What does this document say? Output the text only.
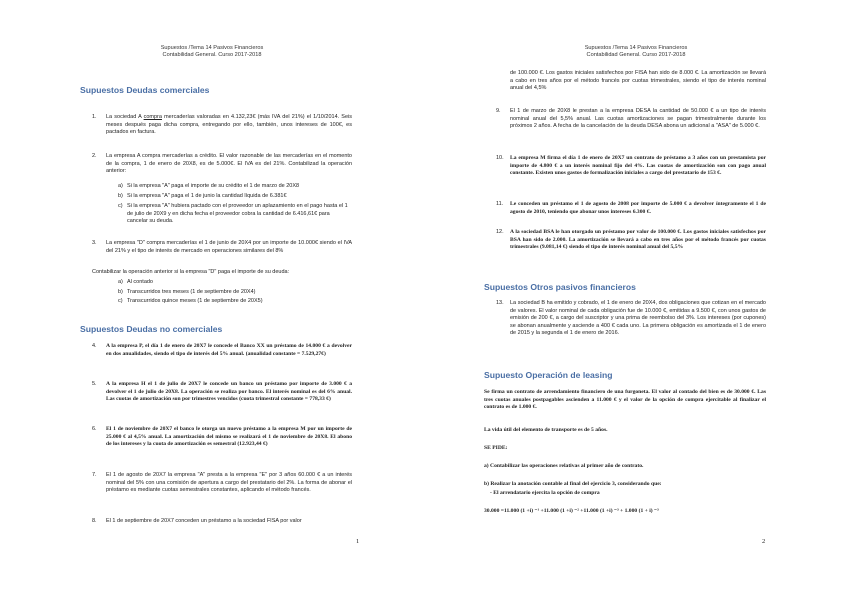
Supuestos /Tema 14 Pasivos Financieros
Contabilidad General. Curso 2017-2018
Supuestos Deudas comerciales
1. La sociedad A compra mercaderías valoradas en 4.132,23€ (más IVA del 21%) el 1/10/2014. Seis meses después paga dicha compra, entregando por ello, también, unos intereses de 100€, es pactados en factura.
2. La empresa A compra mercaderías a crédito. El valor razonable de las mercaderías en el momento de la compra, 1 de enero de 20X8, es de 5.000€. El IVA es del 21%. Contabilizad la operación anterior:
a) Si la empresa "A" paga el importe de su crédito el 1 de marzo de 20X8
b) Si la empresa "A" paga el 1 de junio la cantidad líquida de 6.381€
c) Si la empresa "A" hubiera pactado con el proveedor un aplazamiento en el pago hasta el 1 de julio de 20X9 y en dicha fecha el proveedor cobra la cantidad de 6.416,61€ para cancelar su deuda.
3. La empresa "D" compra mercaderías el 1 de junio de 20X4 por un importe de 10.000€ siendo el IVA del 21% y el tipo de interés de mercado en operaciones similares del 8%
Contabilizar la operación anterior si la empresa "D" paga el importe de su deuda:
a) Al contado
b) Transcurridos tres meses (1 de septiembre de 20X4)
c) Transcurridos quince meses (1 de septiembre de 20X5)
Supuestos Deudas no comerciales
4. A la empresa P, el día 1 de enero de 20X7 le concede el Banco XX un préstamo de 14.000 € a devolver en dos anualidades, siendo el tipo de interés del 5% anual. (anualidad constante = 7.529,27€)
5. A la empresa H el 1 de julio de 20X7 le concede un banco un préstamo por importe de 3.000 € a devolver el 1 de julio de 20X8. La operación se realiza por banco. El interés nominal es del 6% anual. Las cuotas de amortización son por trimestres vencidos (cuota trimestral constante = 778,33 €)
6. El 1 de noviembre de 20X7 el banco le otorga un nuevo préstamo a la empresa M por un importe de 25.000 € al 4,5% anual. La amortización del mismo se realizará el 1 de noviembre de 20X8. El abono de los intereses y la cuota de amortización es semestral (12.923,44 €)
7. El 1 de agosto de 20X7 la empresa "A" presta a la empresa "E" por 3 años 60.000 € a un interés nominal del 5% con una comisión de apertura a cargo del prestatario del 2%. La forma de abonar el préstamo es mediante cuotas semestrales constantes, aplicando el método francés.
8. El 1 de septiembre de 20X7 conceden un préstamo a la sociedad FISA por valor
1
Supuestos /Tema 14 Pasivos Financieros
Contabilidad General. Curso 2017-2018
de 100.000 €. Los gastos iniciales satisfechos por FISA han sido de 8.000 €. La amortización se llevará a cabo en tres años por el método francés por cuotas trimestrales, siendo el tipo de interés nominal anual del 4,5%
9. El 1 de marzo de 20X8 le prestan a la empresa DESA la cantidad de 50.000 € a un tipo de interés nominal anual del 5,5% anual. Las cuotas amortizaciones se pagan trimestralmente durante los próximos 2 años. A fecha de la cancelación de la deuda DESA abona un adicional a "ASA" de 5.000 €.
10. La empresa M firma el día 1 de enero de 20X7 un contrato de préstamo a 3 años con un prestamista por importe de 4.800 € a un interés nominal fijo del 4%. Las cuotas de amortización son con pago anual constante. Existen unos gastos de formalización iniciales a cargo del prestatario de 153 €.
11. Le conceden un préstamo el 1 de agosto de 2008 por importe de 5.000 € a devolver íntegramente el 1 de agosto de 2010, teniendo que abonar unos intereses 6.300 €.
12. A la sociedad BSA le han otorgado un préstamo por valor de 100.000 €. Los gastos iniciales satisfechos por BSA han sido de 2.000. La amortización se llevará a cabo en tres años por el método francés por cuotas trimestrales (9.081,14 €) siendo el tipo de interés nominal anual del 5,5%
Supuestos Otros pasivos financieros
13. La sociedad B ha emitido y cobrado, el 1 de enero de 20X4, dos obligaciones que cotizan en el mercado de valores. El valor nominal de cada obligación fue de 10.000 €, emitidas a 9.500 €, con unos gastos de emisión de 200 €, a cargo del suscriptor y una prima de reembolso del 3%. Los intereses (por cupones) se abonan anualmente y asciende a 400 € cada uno. La primera obligación es amortizada el 1 de enero de 2015 y la segunda el 1 de enero de 2016.
Supuesto Operación de leasing
Se firma un contrato de arrendamiento financiero de una furgoneta. El valor al contado del bien es de 30.000 €. Las tres cuotas anuales postpagables ascienden a 11.000 € y el valor de la opción de compra ejercitable al finalizar el contrato es de 1.000 €.
La vida útil del elemento de transporte es de 5 años.
SE PIDE:
a) Contabilizar las operaciones relativas al primer año de contrato.
b) Realizar la anotación contable al final del ejercicio 3, considerando que:
- El arrendatario ejercita la opción de compra
30.000 =11.000 (1 +i) ⁻¹ +11.000 (1 +i) ⁻² +11.000 (1 +i) ⁻³ + 1.000 (1 + i) ⁻³
2
